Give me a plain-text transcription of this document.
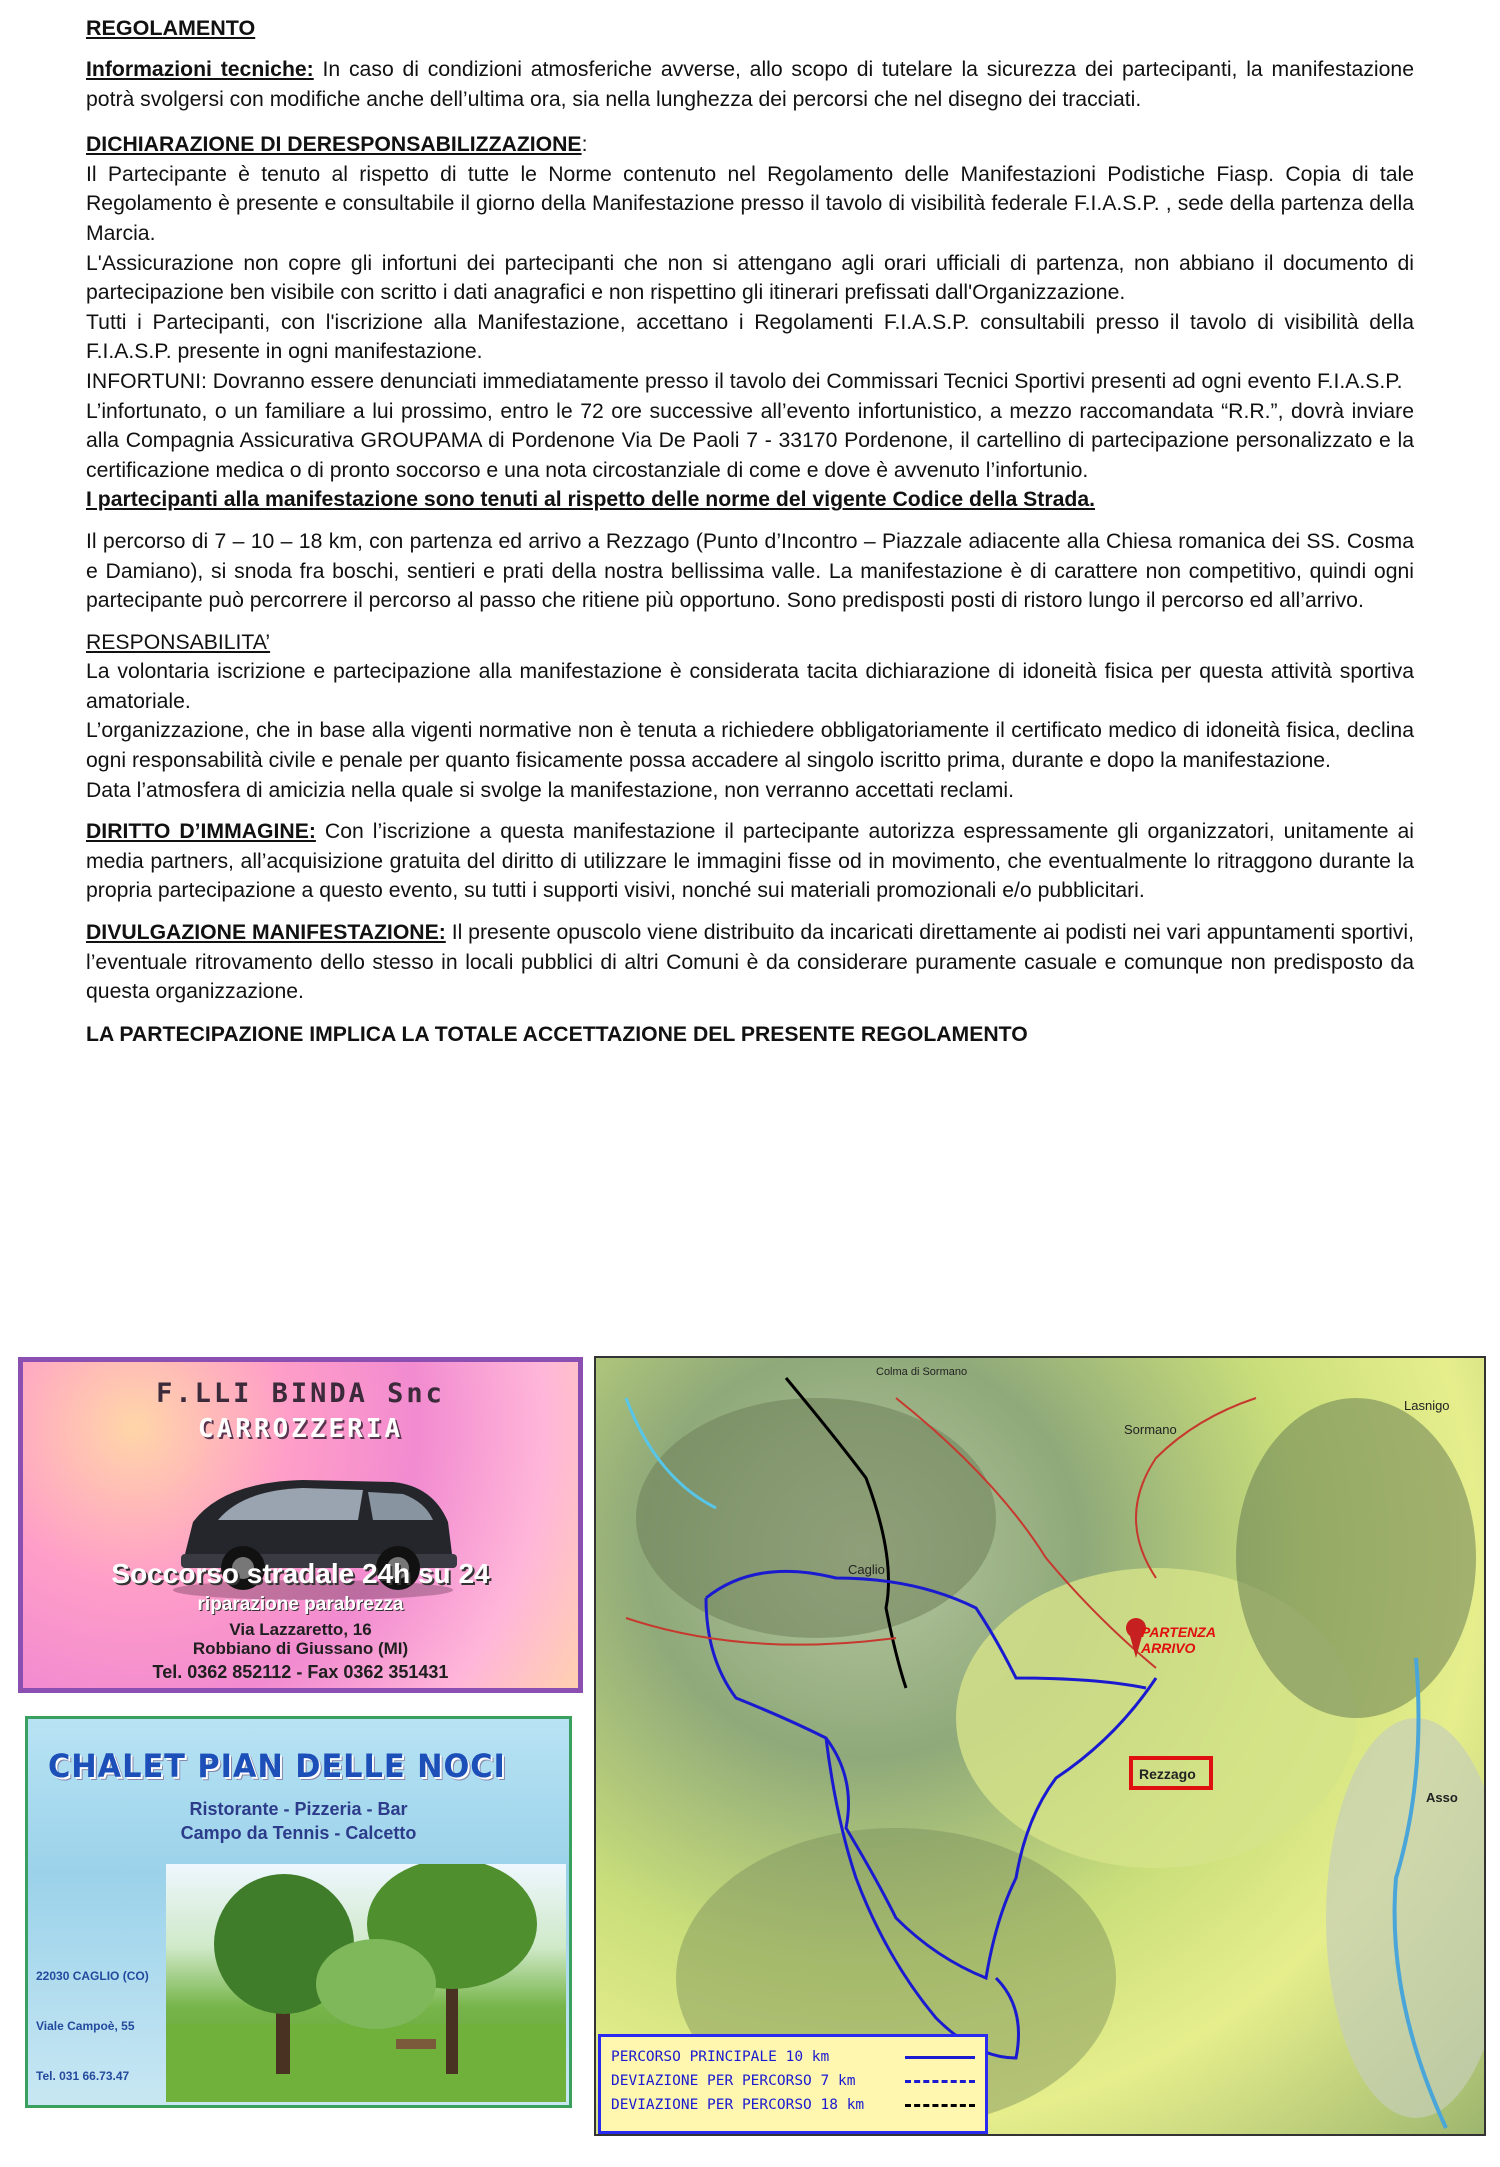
REGOLAMENTO

Informazioni tecniche: In caso di condizioni atmosferiche avverse, allo scopo di tutelare la sicurezza dei partecipanti, la manifestazione potrà svolgersi con modifiche anche dell’ultima ora, sia nella lunghezza dei percorsi che nel disegno dei tracciati.

DICHIARAZIONE DI DERESPONSABILIZZAZIONE:

Il Partecipante è tenuto al rispetto di tutte le Norme contenuto nel Regolamento delle Manifestazioni Podistiche Fiasp. Copia di tale Regolamento è presente e consultabile il giorno della Manifestazione presso il tavolo di visibilità federale F.I.A.S.P. , sede della partenza della Marcia.

L'Assicurazione non copre gli infortuni dei partecipanti che non si attengano agli orari ufficiali di partenza, non abbiano il documento di partecipazione ben visibile con scritto i dati anagrafici e non rispettino gli itinerari prefissati dall'Organizzazione.

Tutti i Partecipanti, con l'iscrizione alla Manifestazione, accettano i Regolamenti F.I.A.S.P. consultabili presso il tavolo di visibilità della F.I.A.S.P. presente in ogni manifestazione.

INFORTUNI: Dovranno essere denunciati immediatamente presso il tavolo dei Commissari Tecnici Sportivi presenti ad ogni evento F.I.A.S.P.

L’infortunato, o un familiare a lui prossimo, entro le 72 ore successive all’evento infortunistico, a mezzo raccomandata “R.R.”, dovrà inviare alla Compagnia Assicurativa GROUPAMA di Pordenone Via De Paoli 7 - 33170 Pordenone, il cartellino di partecipazione personalizzato e la certificazione medica o di pronto soccorso e una nota circostanziale di come e dove è avvenuto l’infortunio.

I partecipanti alla manifestazione sono tenuti al rispetto delle norme del vigente Codice della Strada.

Il percorso di 7 – 10 – 18 km, con partenza ed arrivo a Rezzago (Punto d’Incontro – Piazzale adiacente alla Chiesa romanica dei SS. Cosma e Damiano), si snoda fra boschi, sentieri e prati della nostra bellissima valle. La manifestazione è di carattere non competitivo, quindi ogni partecipante può percorrere il percorso al passo che ritiene più opportuno. Sono predisposti posti di ristoro lungo il percorso ed all’arrivo.

RESPONSABILITA’

La volontaria iscrizione e partecipazione alla manifestazione è considerata tacita dichiarazione di idoneità fisica per questa attività sportiva amatoriale.

L’organizzazione, che in base alla vigenti normative non è tenuta a richiedere obbligatoriamente il certificato medico di idoneità fisica, declina ogni responsabilità civile e penale per quanto fisicamente possa accadere al singolo iscritto prima, durante e dopo la manifestazione.

Data l’atmosfera di amicizia nella quale si svolge la manifestazione, non verranno accettati reclami.

DIRITTO D’IMMAGINE: Con l’iscrizione a questa manifestazione il partecipante autorizza espressamente gli organizzatori, unitamente ai media partners, all’acquisizione gratuita del diritto di utilizzare le immagini fisse od in movimento, che eventualmente lo ritraggono durante la propria partecipazione a questo evento, su tutti i supporti visivi, nonché sui materiali promozionali e/o pubblicitari.

DIVULGAZIONE MANIFESTAZIONE: Il presente opuscolo viene distribuito da incaricati direttamente ai podisti nei vari appuntamenti sportivi, l’eventuale ritrovamento dello stesso in locali pubblici di altri Comuni è da considerare puramente casuale e comunque non predisposto da questa organizzazione.

LA PARTECIPAZIONE IMPLICA LA TOTALE ACCETTAZIONE DEL PRESENTE REGOLAMENTO
F.LLI BINDA Snc
CARROZZERIA
Soccorso stradale 24h su 24
riparazione parabrezza
Via Lazzaretto, 16
CHALET PIAN DELLE NOCI
Ristorante - Pizzeria - Bar
Campo da Tennis - Calcetto
22030 CAGLIO (CO)
Viale Campoè, 55
Tel. 031 66.73.47
PARTENZA ARRIVO
Rezzago
Caglio
Sormano
Lasnigo
Asso
Colma di Sormano
PERCORSO PRINCIPALE 10 km
DEVIAZIONE PER PERCORSO 7 km
DEVIAZIONE PER PERCORSO 18 km
Robbiano di Giussano (MI)
Tel. 0362 852112 - Fax 0362 351431
